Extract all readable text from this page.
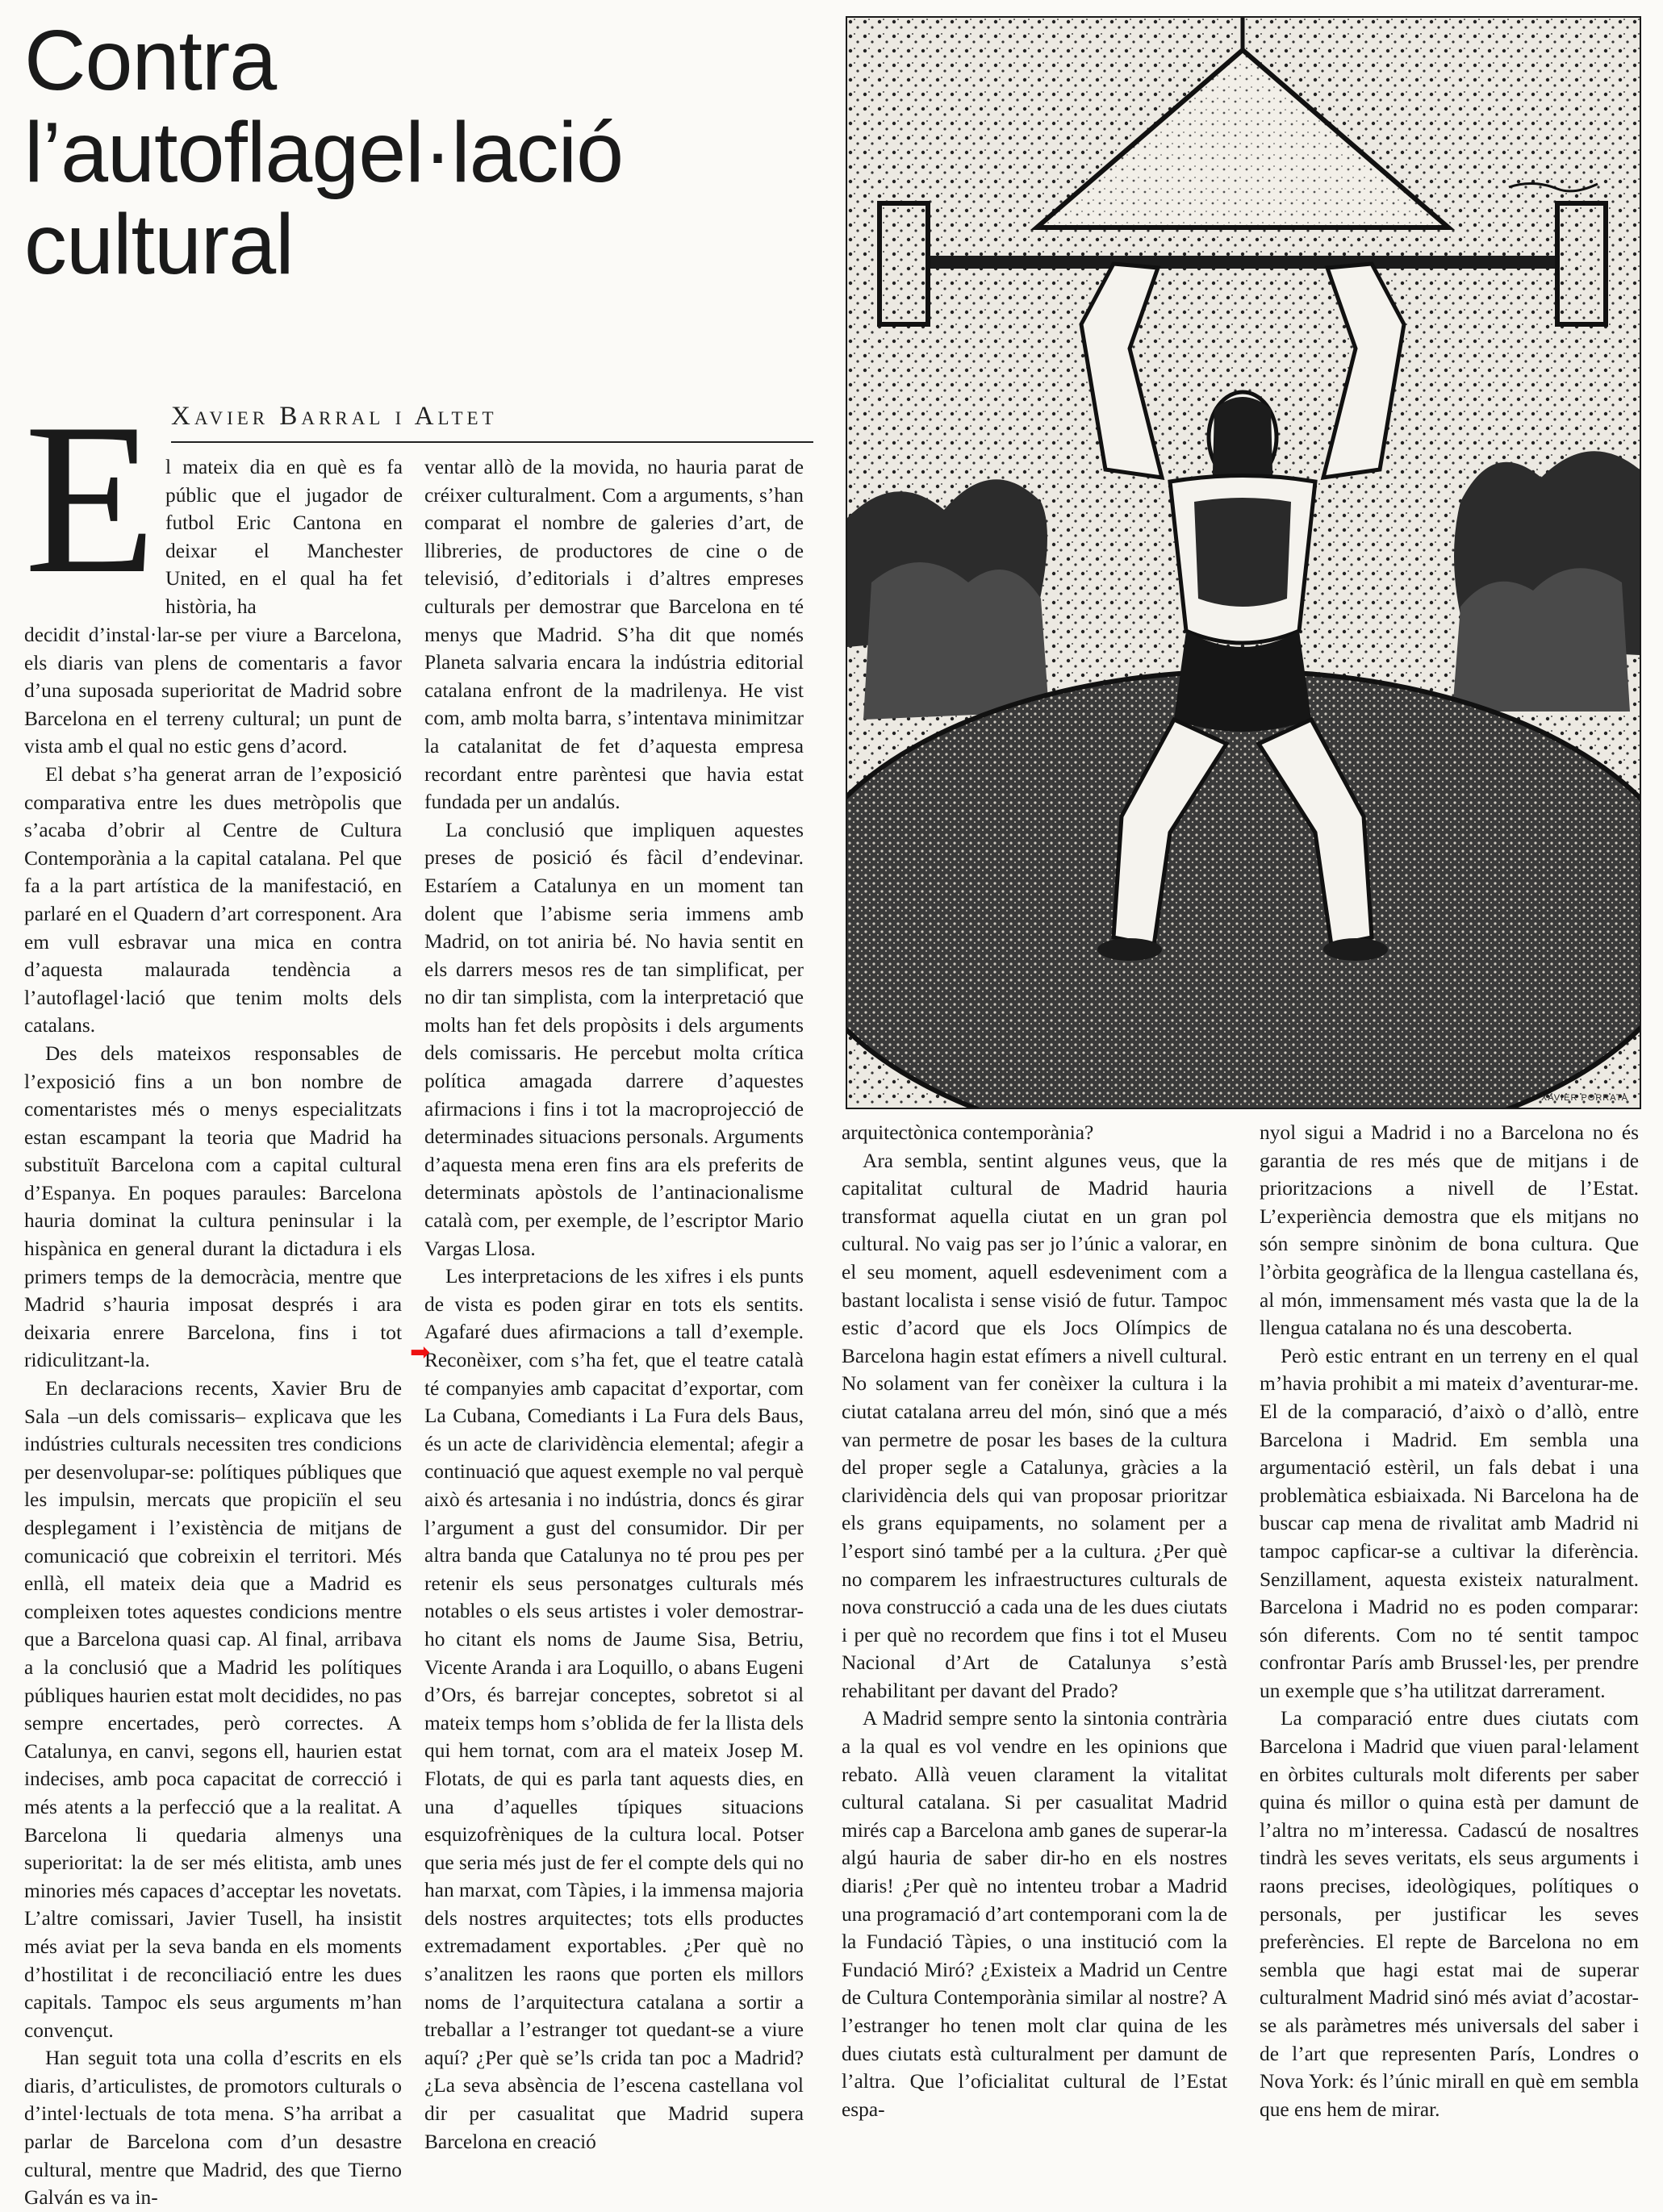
Contra
l’autoflagel·lació
cultural
Xavier Barral i Altet
E l mateix dia en què es fa públic que el jugador de futbol Eric Cantona en deixar el Manchester United, en el qual ha fet història, ha

decidit d’instal·lar-se per viure a Barcelona, els diaris van plens de comentaris a favor d’una suposada superioritat de Madrid sobre Barcelona en el terreny cultural; un punt de vista amb el qual no estic gens d’acord.

El debat s’ha generat arran de l’exposició comparativa entre les dues metròpolis que s’acaba d’obrir al Centre de Cultura Contemporània a la capital catalana. Pel que fa a la part artística de la manifestació, en parlaré en el Quadern d’art corresponent. Ara em vull esbravar una mica en contra d’aquesta malaurada tendència a l’autoflagel·lació que tenim molts dels catalans.

Des dels mateixos responsables de l’exposició fins a un bon nombre de comentaristes més o menys especialitzats estan escampant la teoria que Madrid ha substituït Barcelona com a capital cultural d’Espanya. En poques paraules: Barcelona hauria dominat la cultura peninsular i la hispànica en general durant la dictadura i els primers temps de la democràcia, mentre que Madrid s’hauria imposat després i ara deixaria enrere Barcelona, fins i tot ridiculitzant-la.

En declaracions recents, Xavier Bru de Sala –un dels comissaris– explicava que les indústries culturals necessiten tres condicions per desenvolupar-se: polítiques públiques que les impulsin, mercats que propiciïn el seu desplegament i l’existència de mitjans de comunicació que cobreixin el territori. Més enllà, ell mateix deia que a Madrid es compleixen totes aquestes condicions mentre que a Barcelona quasi cap. Al final, arribava a la conclusió que a Madrid les polítiques públiques haurien estat molt decidides, no pas sempre encertades, però correctes. A Catalunya, en canvi, segons ell, haurien estat indecises, amb poca capacitat de correcció i més atents a la perfecció que a la realitat. A Barcelona li quedaria almenys una superioritat: la de ser més elitista, amb unes minories més capaces d’acceptar les novetats. L’altre comissari, Javier Tusell, ha insistit més aviat per la seva banda en els moments d’hostilitat i de reconciliació entre les dues capitals. Tampoc els seus arguments m’han convençut.

Han seguit tota una colla d’escrits en els diaris, d’articulistes, de promotors culturals o d’intel·lectuals de tota mena. S’ha arribat a parlar de Barcelona com d’un desastre cultural, mentre que Madrid, des que Tierno Galván es va in-

ventar allò de la movida, no hauria parat de créixer culturalment. Com a arguments, s’han comparat el nombre de galeries d’art, de llibreries, de productores de cine o de televisió, d’editorials i d’altres empreses culturals per demostrar que Barcelona en té menys que Madrid. S’ha dit que només Planeta salvaria encara la indústria editorial catalana enfront de la madrilenya. He vist com, amb molta barra, s’intentava minimitzar la catalanitat de fet d’aquesta empresa recordant entre parèntesi que havia estat fundada per un andalús.

La conclusió que impliquen aquestes preses de posició és fàcil d’endevinar. Estaríem a Catalunya en un moment tan dolent que l’abisme seria immens amb Madrid, on tot aniria bé. No havia sentit en els darrers mesos res de tan simplificat, per no dir tan simplista, com la interpretació que molts han fet dels propòsits i dels arguments dels comissaris. He percebut molta crítica política amagada darrere d’aquestes afirmacions i fins i tot la macroprojecció de determinades situacions personals. Arguments d’aquesta mena eren fins ara els preferits de determinats apòstols de l’antinacionalisme català com, per exemple, de l’escriptor Mario Vargas Llosa.

Les interpretacions de les xifres i els punts de vista es poden girar en tots els sentits. Agafaré dues afirmacions a tall d’exemple. Reconèixer, com s’ha fet, que el teatre català té companyies amb capacitat d’exportar, com La Cubana, Comediants i La Fura dels Baus, és un acte de clarividència elemental; afegir a continuació que aquest exemple no val perquè això és artesania i no indústria, doncs és girar l’argument a gust del consumidor. Dir per altra banda que Catalunya no té prou pes per retenir els seus personatges culturals més notables o els seus artistes i voler demostrar-ho citant els noms de Jaume Sisa, Betriu, Vicente Aranda i ara Loquillo, o abans Eugeni d’Ors, és barrejar conceptes, sobretot si al mateix temps hom s’oblida de fer la llista dels qui hem tornat, com ara el mateix Josep M. Flotats, de qui es parla tant aquests dies, en una d’aquelles típiques situacions esquizofrèniques de la cultura local. Potser que seria més just de fer el compte dels qui no han marxat, com Tàpies, i la immensa majoria dels nostres arquitectes; tots ells productes extremadament exportables. ¿Per què no s’analitzen les raons que porten els millors noms de l’arquitectura catalana a sortir a treballar a l’estranger tot quedant-se a viure aquí? ¿Per què se’ls crida tan poc a Madrid? ¿La seva absència de l’escena castellana vol dir per casualitat que Madrid supera Barcelona en creació

➡
XAVIER PORRATA

arquitectònica contemporània?

Ara sembla, sentint algunes veus, que la capitalitat cultural de Madrid hauria transformat aquella ciutat en un gran pol cultural. No vaig pas ser jo l’únic a valorar, en el seu moment, aquell esdeveniment com a bastant localista i sense visió de futur. Tampoc estic d’acord que els Jocs Olímpics de Barcelona hagin estat efímers a nivell cultural. No solament van fer conèixer la cultura i la ciutat catalana arreu del món, sinó que a més van permetre de posar les bases de la cultura del proper segle a Catalunya, gràcies a la clarividència dels qui van proposar prioritzar els grans equipaments, no solament per a l’esport sinó també per a la cultura. ¿Per què no comparem les infraestructures culturals de nova construcció a cada una de les dues ciutats i per què no recordem que fins i tot el Museu Nacional d’Art de Catalunya s’està rehabilitant per davant del Prado?

A Madrid sempre sento la sintonia contrària a la qual es vol vendre en les opinions que rebato. Allà veuen clarament la vitalitat cultural catalana. Si per casualitat Madrid mirés cap a Barcelona amb ganes de superar-la algú hauria de saber dir-ho en els nostres diaris! ¿Per què no intenteu trobar a Madrid una programació d’art contemporani com la de la Fundació Tàpies, o una institució com la Fundació Miró? ¿Existeix a Madrid un Centre de Cultura Contemporània similar al nostre? A l’estranger ho tenen molt clar quina de les dues ciutats està culturalment per damunt de l’altra. Que l’oficialitat cultural de l’Estat espa-

nyol sigui a Madrid i no a Barcelona no és garantia de res més que de mitjans i de prioritzacions a nivell de l’Estat. L’experiència demostra que els mitjans no són sempre sinònim de bona cultura. Que l’òrbita geogràfica de la llengua castellana és, al món, immensament més vasta que la de la llengua catalana no és una descoberta.

Però estic entrant en un terreny en el qual m’havia prohibit a mi mateix d’aventurar-me. El de la comparació, d’això o d’allò, entre Barcelona i Madrid. Em sembla una argumentació estèril, un fals debat i una problemàtica esbiaixada. Ni Barcelona ha de buscar cap mena de rivalitat amb Madrid ni tampoc capficar-se a cultivar la diferència. Senzillament, aquesta existeix naturalment. Barcelona i Madrid no es poden comparar: són diferents. Com no té sentit tampoc confrontar París amb Brussel·les, per prendre un exemple que s’ha utilitzat darrerament.

La comparació entre dues ciutats com Barcelona i Madrid que viuen paral·lelament en òrbites culturals molt diferents per saber quina és millor o quina està per damunt de l’altra no m’interessa. Cadascú de nosaltres tindrà les seves veritats, els seus arguments i raons precises, ideològiques, polítiques o personals, per justificar les seves preferències. El repte de Barcelona no em sembla que hagi estat mai de superar culturalment Madrid sinó més aviat d’acostar-se als paràmetres més universals del saber i de l’art que representen París, Londres o Nova York: és l’únic mirall en què em sembla que ens hem de mirar.
